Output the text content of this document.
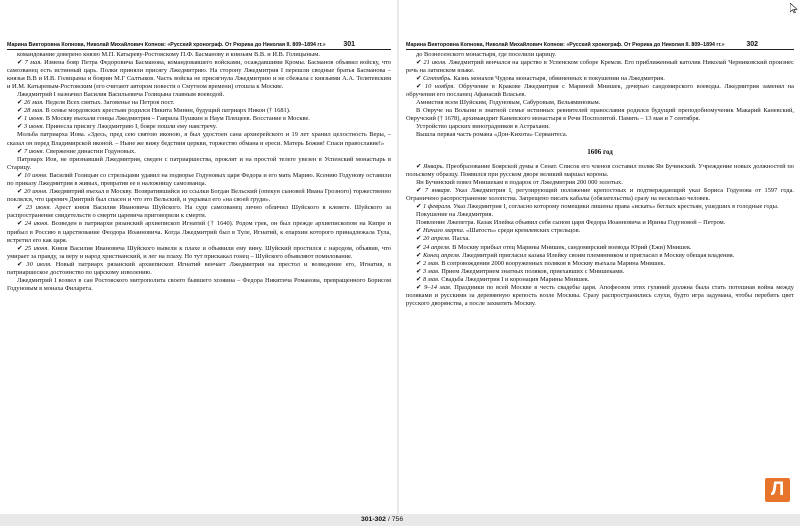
Марина Викторовна Копнова, Николай Михайлович Копнов: «Русский хронограф. От Рюрика до Николая II. 809–1894 гг.»	301

командование доверено князю М.П. Катыреву-Ростовскому П.Ф. Басманову и князьям В.В. и И.В. Голицыным.

✔ 7 мая. Измена бояр Петра Федоровича Басманова, командовавшего войсками, осаждавшими Кромы. Басманов объявил войску, что самозванец есть истинный царь. Полки приняли присягу Лжедмитрию. На сторону Лжедмитрия I перешли сводные братья Басманова – князья В.В и И.В. Голицыны и боярин М.Г Салтыков. Часть войска не присягнула Лжедмитрию и не сбежала с князьями А.А. Телятевским и И.М. Катыревым-Ростовским (его считают автором повести о Смутном времени) отошла к Москве.

Лжедмитрий I назначил Василия Васильевича Голицына главным воеводой.

✔ 26 мая. Неделя Всех святых. Заговенье на Петров пост.

✔ 28 мая. В семье мордовских крестьян родился Никита Минин, будущий патриарх Никон († 1681).

✔ 1 июня. В Москву въехали гонцы Лжедмитрия – Гаврила Пушкин и Наум Плещеев. Восстание в Москве.

✔ 3 июня. Принесла присягу Лжедмитрию I, бояре пошли ему навстречу.

Мольба патриарха Иова. «Здесь, пред сею святою иконою, я был удостоен сана архиерейского и 19 лет хранил целостность Веры, – сказал он перед Владимирской иконой. – Ныне же вижу бедствия церкви, торжество обмана и ереси. Матерь Божия! Спаси православие!»

✔ 7 июня. Свержение династии Годуновых.

Патриарх Иов, не признавший Лжедмитрия, сведен с патриаршества, проклят и на простой телеге увезен в Успенский монастырь в Старицу.

✔ 10 июня. Василий Голицын со стрельцами удавил на подворье Годуновых царя Федора и его мать Марию. Ксению Годунову оставили по приказу Лжедмитрия в живых, превратив ее в наложницу самозванца.

✔ 20 июня. Лжедмитрий въехал в Москву. Возвратившийся из ссылки Богдан Вельский (опекун сыновей Ивана Грозного) торжественно поклялся, что царевич Дмитрий был спасен и что это Вельский, и укрывал его «на своей груди».

✔ 23 июня. Арест князя Василия Ивановича Шуйского. На суде самозванец лично обличил Шуйского в клевете. Шуйского за распространение свидетельств о смерти царевича приговорили к смерти.

✔ 24 июня. Возведен в патриархи рязанский архиепископ Игнатий († 1640). Родом грек, он был прежде архиепископом на Кипре и прибыл в Россию в царствование Феодора Иоанновича. Когда Лжедмитрий был в Туле, Игнатий, к епархии которого принадлежала Тула, встретил его как царя.

✔ 25 июня. Князя Василия Ивановича Шуйского вывели к плахе и объявили ему вину. Шуйский простился с народом, объявив, что умирает за правду, за веру и народ христианский, и лег на плаху. Но тут прискакал гонец – Шуйского объявляют помилование.

✔ 30 июля. Новый патриарх рязанский архиепископ Игнатий венчает Лжедмитрия на престол и возведение его, Игнатия, в патриаршеское достоинство по царскому изволению.

Лжедмитрий I возвел в сан Ростовского митрополита своего бывшего хозяина – Федора Никитича Романова, превращенного Борисом Годуновым в монаха Филарета.

Марина Викторовна Копнова, Николай Михайлович Копнов: «Русский хронограф. От Рюрика до Николая II. 809–1894 гг.»	302

до Вознесенского монастыря, где поселили царицу.

✔ 21 июля. Лжедмитрий венчался на царство в Успенском соборе Кремля. Его приближенный католик Николай Черниковский произнес речь на латинском языке.

✔ Сентябрь. Казнь монахов Чудова монастыря, обвиненных в покушении на Лжедмитрия.

✔ 10 ноября. Обручение в Кракове Лжедмитрия с Мариной Мнишек, дочерью сандомирского воеводы. Лжедмитрия заменял на обручении его посланец Афанасий Власьев.

Амнистия всем Шуйским, Годуновым, Сабуровым, Вельяминовым.

В Овруче на Волыни в знатной семье истинных ревнителей православия родился будущий преподобномученик Макарий Каневский, Овручский († 1678), архимандрит Каневского монастыря в Речи Посполитой. Память – 13 мая и 7 сентября.

Устройство царских виноградников в Астрахани.

Вышла первая часть романа «Дон-Кихота» Сервантеса.

1606 год

✔ Январь. Преобразование Боярской думы в Сенат. Список его членов составил поляк Ян Бучинский. Учреждение новых должностей по польскому образцу. Появился при русском дворе великий маршал короны.

Ян Бучинский повез Мнишекам в подарок от Лжедмитрия 200 000 золотых.

✔ 7 января. Указ Лжедмитрия I, регулирующий положение крепостных и подтверждающий указ Бориса Годунова от 1597 года. Ограничено распространение холопства. Запрещено писать кабалы (обязательства) сразу на несколько человек.

✔ 1 февраля. Указ Лжедмитрия I, согласно которому помещики лишены права «искать» беглых крестьян, ушедших в голодные годы.

Покушение на Лжедмитрия.

Появление Лжепетра. Казак Илейка объявил себя сыном царя Федора Иоанновича и Ирины Годуновой – Петром.

✔ Начало марта. «Шатость» среди кремлевских стрельцов.

✔ 20 апреля. Пасха.

✔ 24 апреля. В Москву прибыл отец Марины Мнишек, сандомирский воевода Юрий (Ежи) Мнишек.

✔ Конец апреля. Лжедмитрий пригласил казака Илейку своим племянником и пригласил в Москву обещая владения.

✔ 2 мая. В сопровождении 2000 вооруженных поляков в Москву въехала Марина Мнишек.

✔ 3 мая. Прием Лжедмитрием знатных поляков, приехавших с Мнишеками.

✔ 8 мая. Свадьба Лжедмитрия I и коронация Марины Мнишек.

✔ 9–14 мая. Праздники по всей Москве в честь свадебы царя. Апофеозом этих гуляний должна была стать потешная война между поляками и русскими за деревянную крепость возле Москвы. Сразу распространились слухи, будто игра задумана, чтобы перебить цвет русского дворянства, а после захватить Москву.

301-302 / 756
Л
